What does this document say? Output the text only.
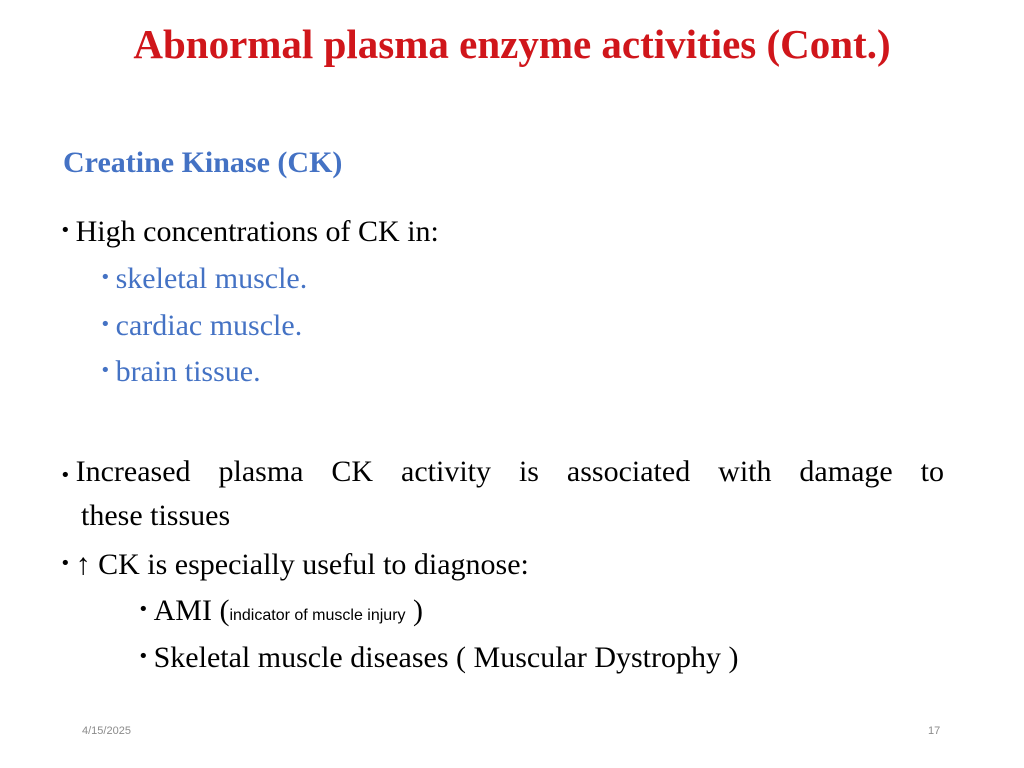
Abnormal plasma enzyme activities (Cont.)
Creatine Kinase (CK)
• High concentrations of CK in:
• skeletal muscle.
• cardiac muscle.
• brain tissue.
• Increased plasma CK activity is associated with damage to
these tissues
• ↑ CK is especially useful to diagnose:
• AMI (indicator of muscle injury )
• Skeletal muscle diseases ( Muscular Dystrophy )
4/15/2025	17
